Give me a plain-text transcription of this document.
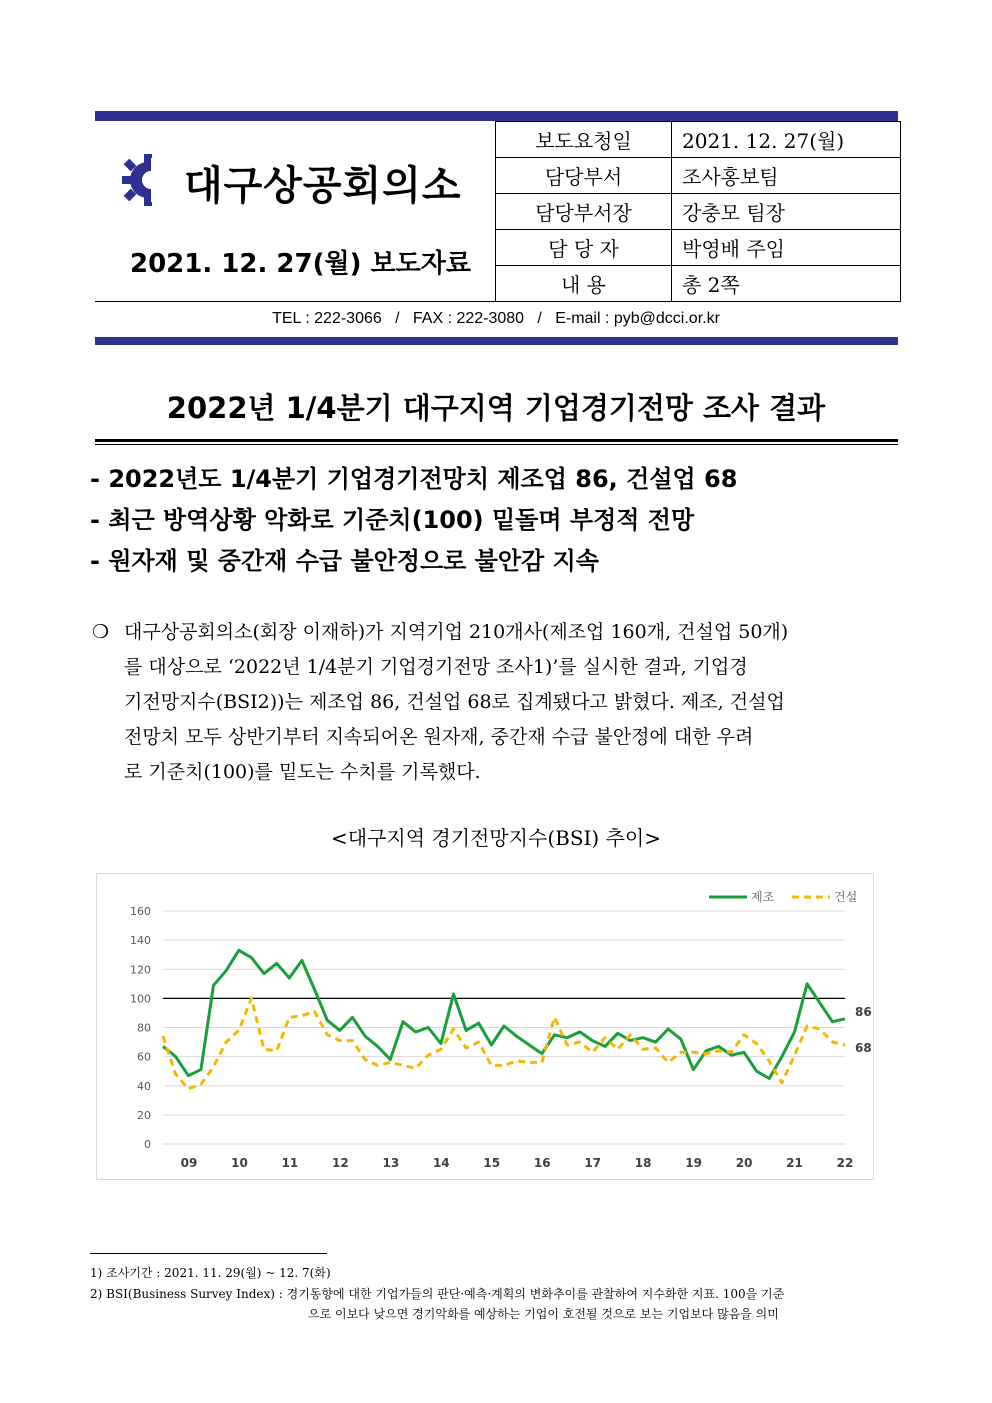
대구상공회의소
2021. 12. 27(월) 보도자료
보도요청일	2021. 12. 27(월)
담당부서	조사홍보팀
담당부서장	강충모 팀장
담 당 자	박영배 주임
내 용	총 2쪽
TEL : 222-3066   /   FAX : 222-3080   /   E-mail : pyb@dcci.or.kr
2022년 1/4분기 대구지역 기업경기전망 조사 결과
- 2022년도 1/4분기 기업경기전망치 제조업 86, 건설업 68
- 최근 방역상황 악화로 기준치(100) 밑돌며 부정적 전망
- 원자재 및 중간재 수급 불안정으로 불안감 지속
❍ 대구상공회의소(회장 이재하)가 지역기업 210개사(제조업 160개, 건설업 50개)
를 대상으로 ‘2022년 1/4분기 기업경기전망 조사1)’를 실시한 결과, 기업경
기전망지수(BSI2))는 제조업 86, 건설업 68로 집계됐다고 밝혔다. 제조, 건설업
전망치 모두 상반기부터 지속되어온 원자재, 중간재 수급 불안정에 대한 우려
로 기준치(100)를 밑도는 수치를 기록했다.
<대구지역 경기전망지수(BSI) 추이>
0
20
40
60
80
100
120
140
160
09	10	11	12	13	14	15	16	17	18	19	20	21	22
86
68
제조	건설
1) 조사기간 : 2021. 11. 29(월) ~ 12. 7(화)
2) BSI(Business Survey Index) : 경기동향에 대한 기업가들의 판단·예측·계획의 변화추이를 관찰하여 지수화한 지표. 100을 기준
으로 이보다 낮으면 경기악화를 예상하는 기업이 호전될 것으로 보는 기업보다 많음을 의미
